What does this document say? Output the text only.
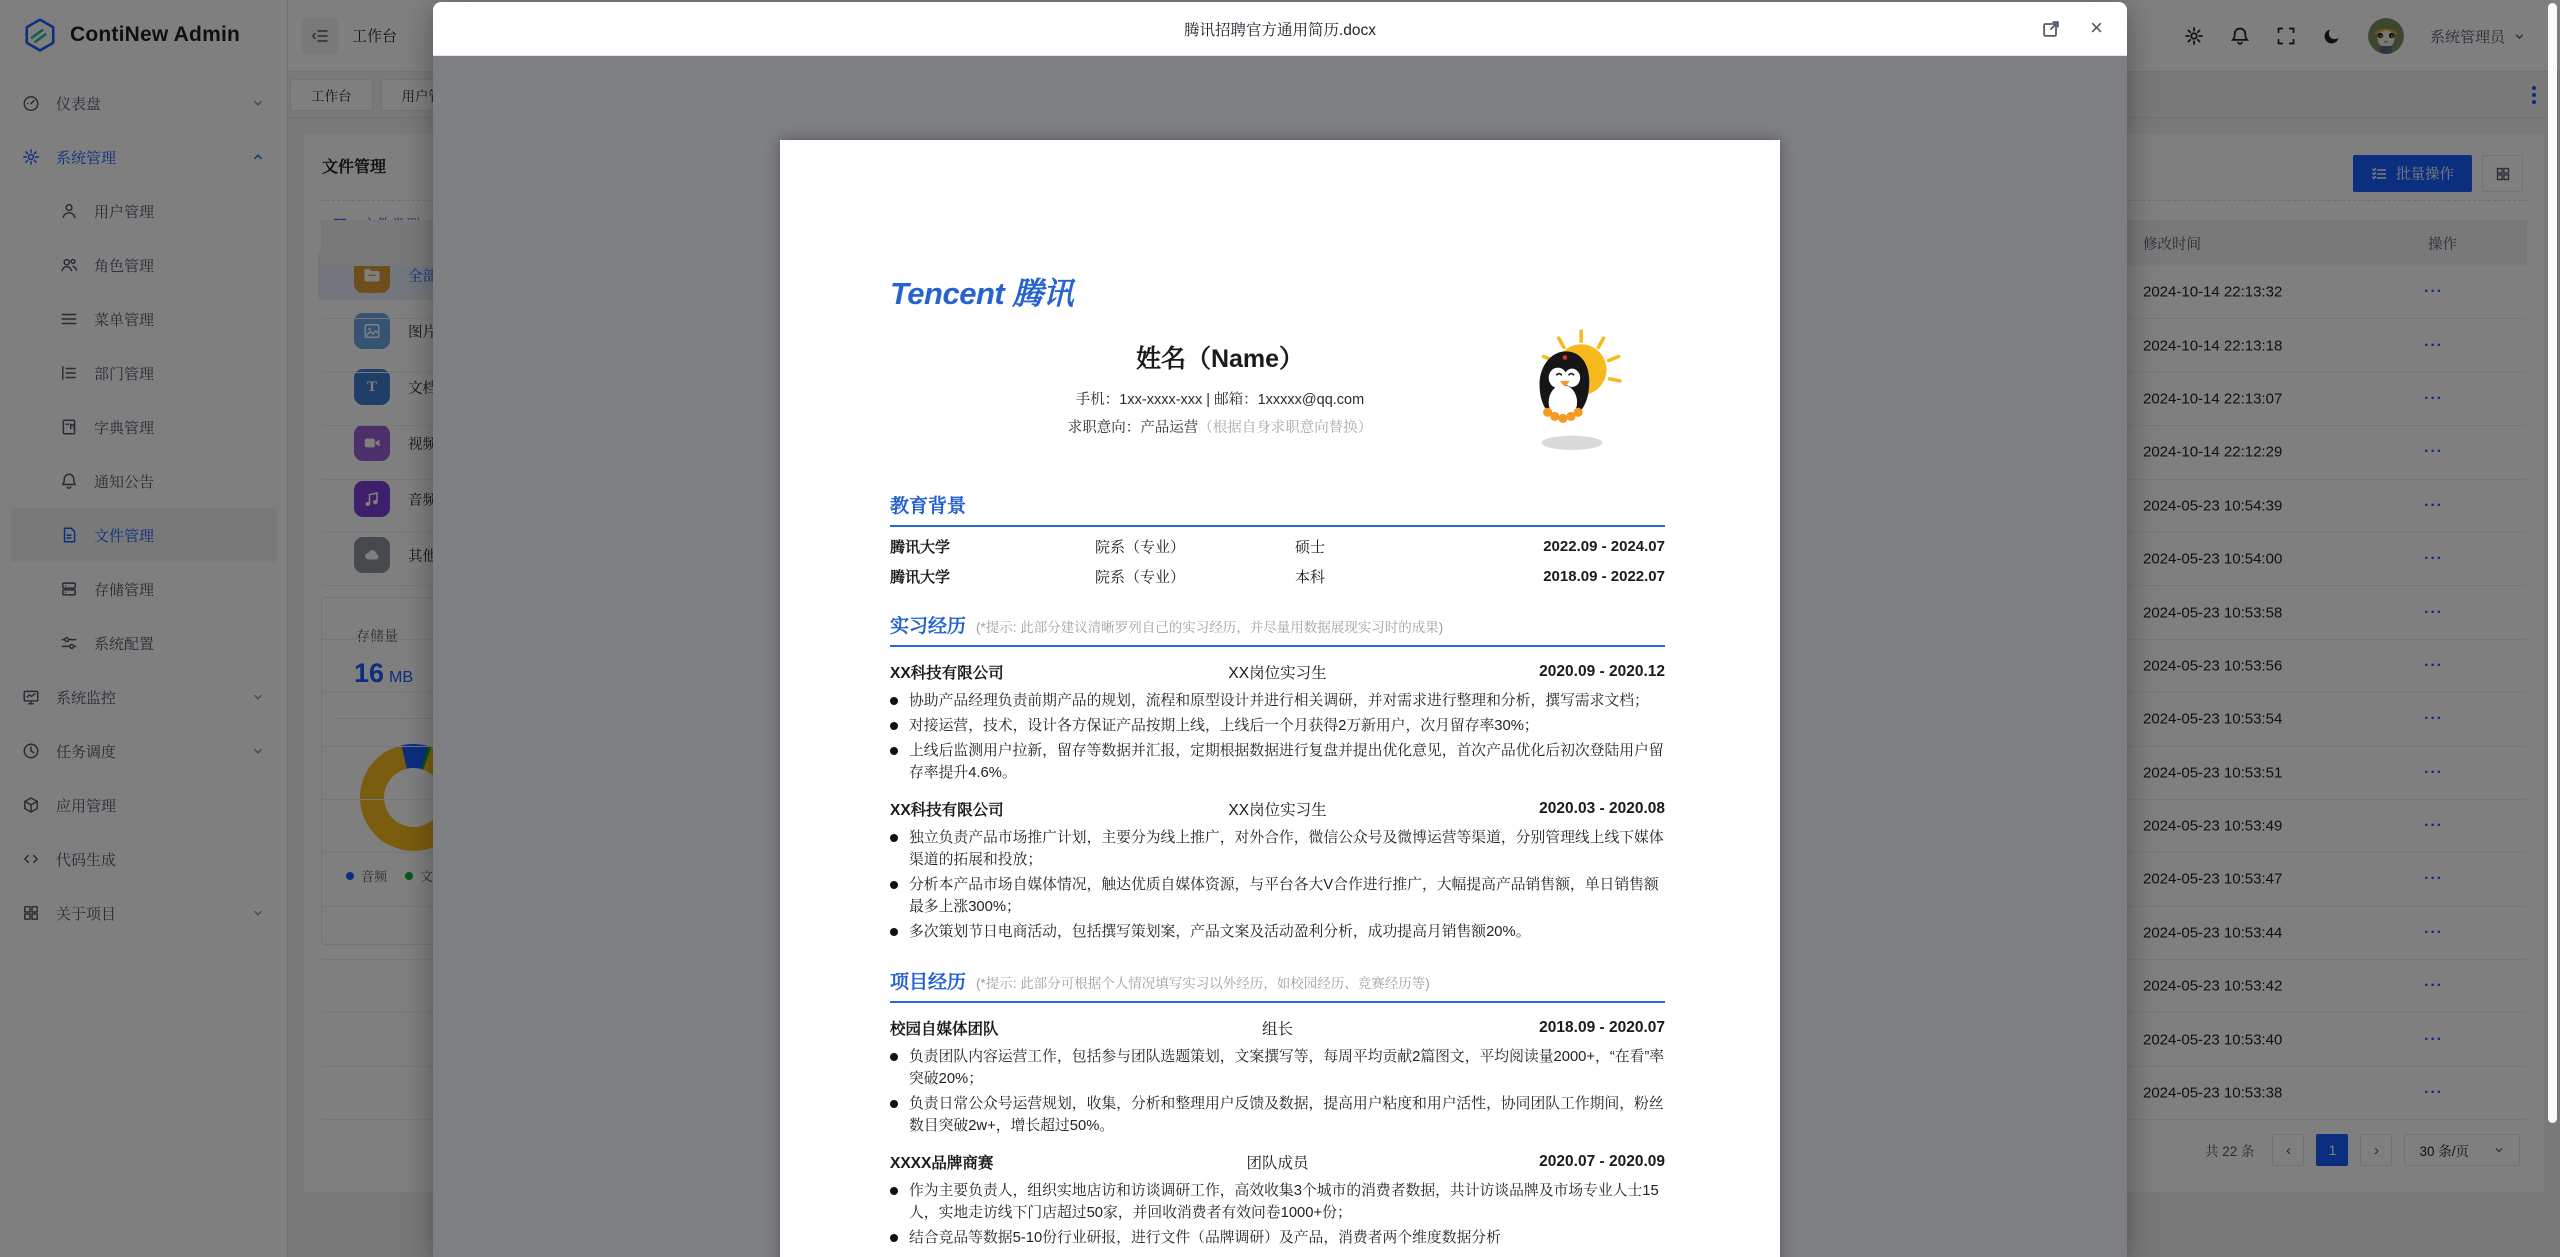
腾讯招聘官方通用简历.docx	×
Tencent 腾讯
姓名（Name）
手机：1xx-xxxx-xxx | 邮箱：1xxxxx@qq.com
求职意向：产品运营（根据自身求职意向替换）
教育背景
腾讯大学	院系（专业）	硕士	2022.09 - 2024.07
腾讯大学	院系（专业）	本科	2018.09 - 2022.07
实习经历 (*提示: 此部分建议清晰罗列自己的实习经历，并尽量用数据展现实习时的成果)
XX科技有限公司	XX岗位实习生	2020.09 - 2020.12
协助产品经理负责前期产品的规划，流程和原型设计并进行相关调研，并对需求进行整理和分析，撰写需求文档；
对接运营，技术，设计各方保证产品按期上线，上线后一个月获得2万新用户，次月留存率30%；
上线后监测用户拉新，留存等数据并汇报，定期根据数据进行复盘并提出优化意见，首次产品优化后初次登陆用户留存率提升4.6%。
XX科技有限公司	XX岗位实习生	2020.03 - 2020.08
独立负责产品市场推广计划，主要分为线上推广，对外合作，微信公众号及微博运营等渠道，分别管理线上线下媒体渠道的拓展和投放；
分析本产品市场自媒体情况，触达优质自媒体资源，与平台各大V合作进行推广，大幅提高产品销售额，单日销售额最多上涨300%；
多次策划节日电商活动，包括撰写策划案，产品文案及活动盈利分析，成功提高月销售额20%。
项目经历 (*提示: 此部分可根据个人情况填写实习以外经历，如校园经历、竞赛经历等)
校园自媒体团队	组长	2018.09 - 2020.07
负责团队内容运营工作，包括参与团队选题策划，文案撰写等，每周平均贡献2篇图文，平均阅读量2000+，“在看”率突破20%；
负责日常公众号运营规划，收集，分析和整理用户反馈及数据，提高用户粘度和用户活性，协同团队工作期间，粉丝数目突破2w+，增长超过50%。
XXXX品牌商赛	团队成员	2020.07 - 2020.09
作为主要负责人，组织实地店访和访谈调研工作，高效收集3个城市的消费者数据，共计访谈品牌及市场专业人士15人，实地走访线下门店超过50家，并回收消费者有效问卷1000+份；
结合竞品等数据5-10份行业研报，进行文件（品牌调研）及产品，消费者两个维度数据分析
